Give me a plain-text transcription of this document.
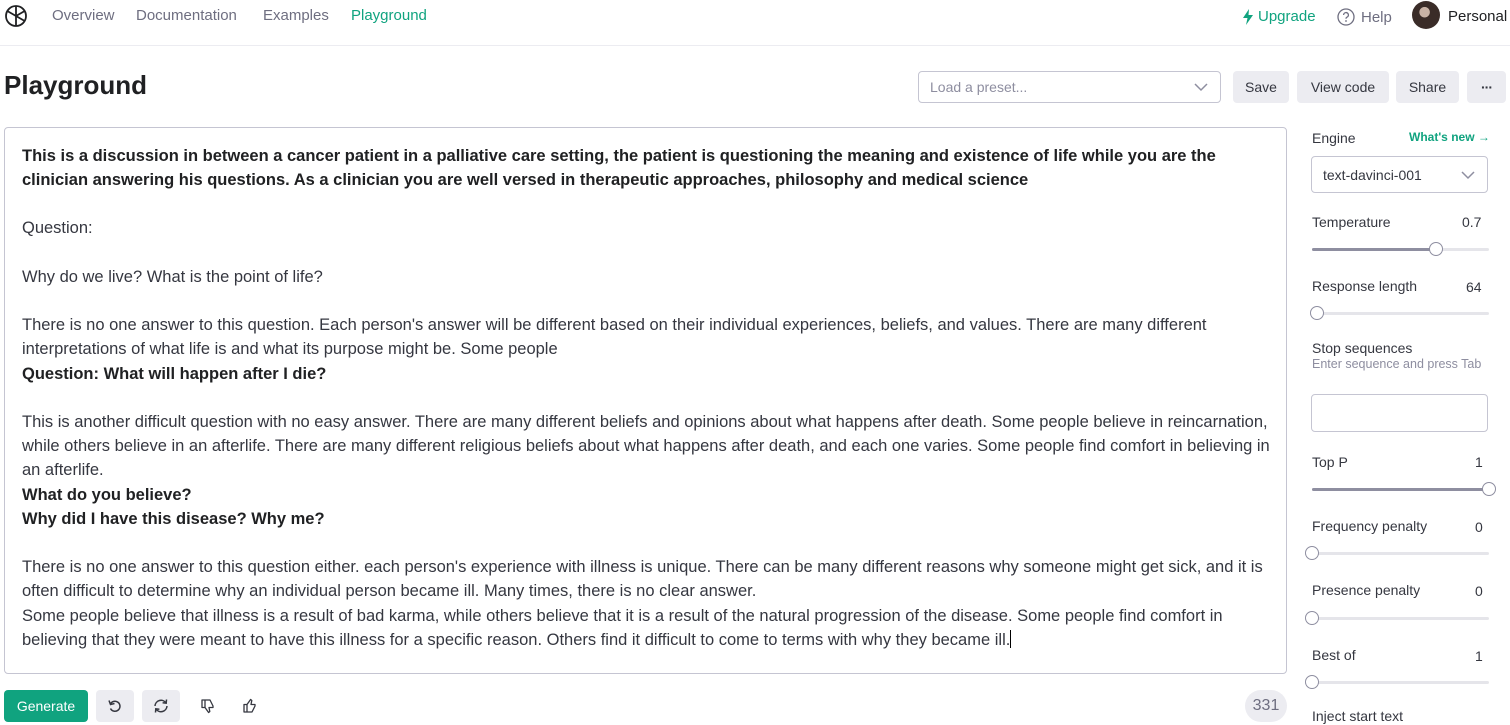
Overview Documentation Examples Playground	Upgrade	Help	Personal
Playground	Load a preset...	Save	View code	Share	···
This is a discussion in between a cancer patient in a palliative care setting, the patient is questioning the meaning and existence of life while you are the clinician answering his questions. As a clinician you are well versed in therapeutic approaches, philosophy and medical science
Question:
Why do we live? What is the point of life?
There is no one answer to this question. Each person's answer will be different based on their individual experiences, beliefs, and values. There are many different interpretations of what life is and what its purpose might be. Some people
Question: What will happen after I die?
This is another difficult question with no easy answer. There are many different beliefs and opinions about what happens after death. Some people believe in reincarnation, while others believe in an afterlife. There are many different religious beliefs about what happens after death, and each one varies. Some people find comfort in believing in an afterlife.
What do you believe?
Why did I have this disease? Why me?
There is no one answer to this question either. each person's experience with illness is unique. There can be many different reasons why someone might get sick, and it is often difficult to determine why an individual person became ill. Many times, there is no clear answer.
Some people believe that illness is a result of bad karma, while others believe that it is a result of the natural progression of the disease. Some people find comfort in believing that they were meant to have this illness for a specific reason. Others find it difficult to come to terms with why they became ill.
Generate	331
Engine	What's new →
text-davinci-001
Temperature	0.7
Response length	64
Stop sequences
Enter sequence and press Tab
Top P	1
Frequency penalty	0
Presence penalty	0
Best of	1
Inject start text
